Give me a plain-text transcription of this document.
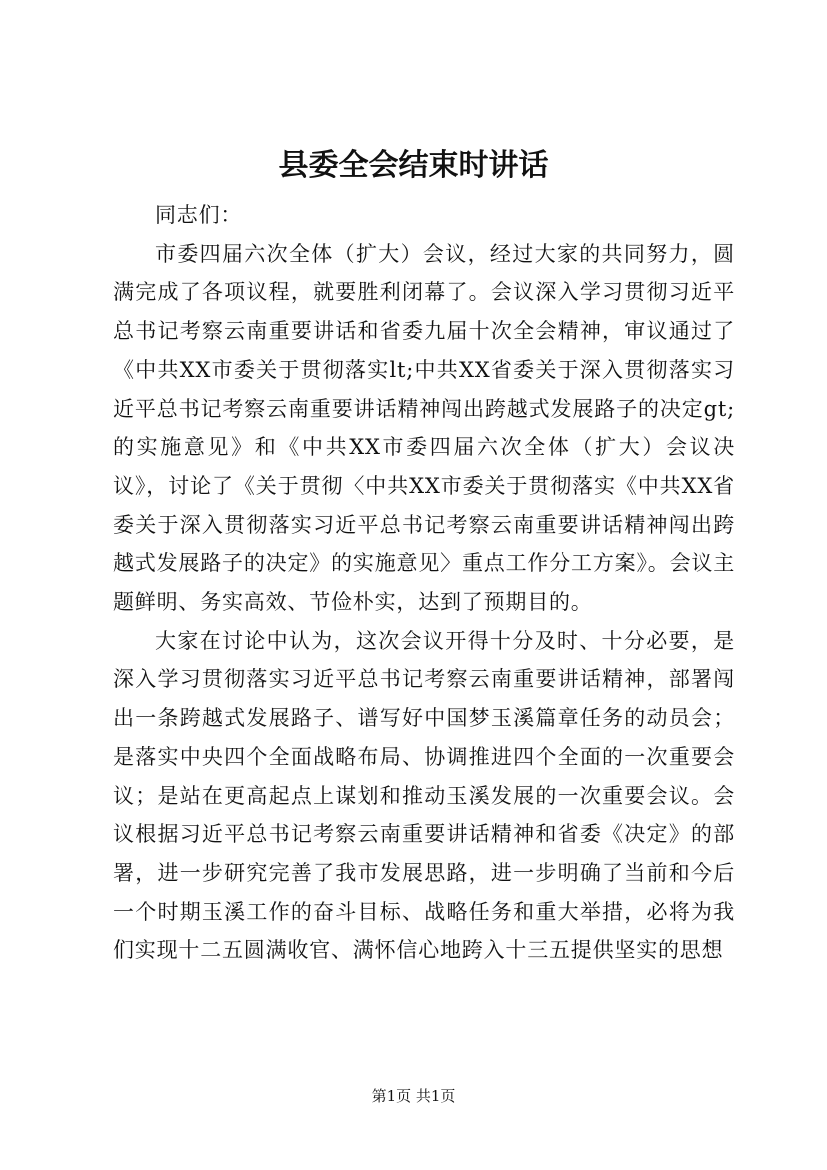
县委全会结束时讲话

同志们：

市委四届六次全体（扩大）会议，经过大家的共同努力，圆满完成了各项议程，就要胜利闭幕了。会议深入学习贯彻习近平总书记考察云南重要讲话和省委九届十次全会精神，审议通过了《中共XX市委关于贯彻落实lt;中共XX省委关于深入贯彻落实习近平总书记考察云南重要讲话精神闯出跨越式发展路子的决定gt;的实施意见》和《中共XX市委四届六次全体（扩大）会议决议》，讨论了《关于贯彻〈中共XX市委关于贯彻落实《中共XX省委关于深入贯彻落实习近平总书记考察云南重要讲话精神闯出跨越式发展路子的决定》的实施意见〉重点工作分工方案》。会议主题鲜明、务实高效、节俭朴实，达到了预期目的。

大家在讨论中认为，这次会议开得十分及时、十分必要，是深入学习贯彻落实习近平总书记考察云南重要讲话精神，部署闯出一条跨越式发展路子、谱写好中国梦玉溪篇章任务的动员会；是落实中央四个全面战略布局、协调推进四个全面的一次重要会议；是站在更高起点上谋划和推动玉溪发展的一次重要会议。会议根据习近平总书记考察云南重要讲话精神和省委《决定》的部署，进一步研究完善了我市发展思路，进一步明确了当前和今后一个时期玉溪工作的奋斗目标、战略任务和重大举措，必将为我们实现十二五圆满收官、满怀信心地跨入十三五提供坚实的思想

第1页 共1页
